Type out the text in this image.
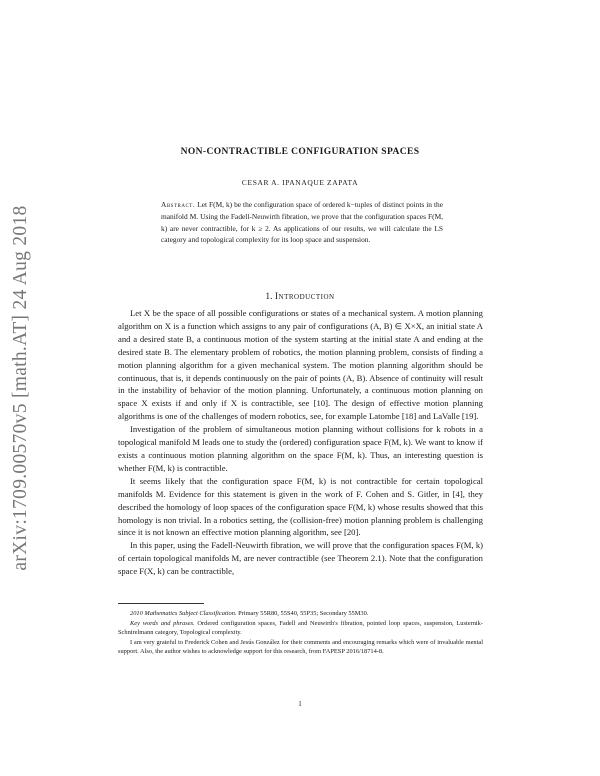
arXiv:1709.00570v5 [math.AT] 24 Aug 2018
NON-CONTRACTIBLE CONFIGURATION SPACES
CESAR A. IPANAQUE ZAPATA
Abstract. Let F(M, k) be the configuration space of ordered k−tuples of distinct points in the manifold M. Using the Fadell-Neuwirth fibration, we prove that the configuration spaces F(M, k) are never contractible, for k ≥ 2. As applications of our results, we will calculate the LS category and topological complexity for its loop space and suspension.
1. Introduction

Let X be the space of all possible configurations or states of a mechanical system. A motion planning algorithm on X is a function which assigns to any pair of configurations (A, B) ∈ X×X, an initial state A and a desired state B, a continuous motion of the system starting at the initial state A and ending at the desired state B. The elementary problem of robotics, the motion planning problem, consists of finding a motion planning algorithm for a given mechanical system. The motion planning algorithm should be continuous, that is, it depends continuously on the pair of points (A, B). Absence of continuity will result in the instability of behavior of the motion planning. Unfortunately, a continuous motion planning on space X exists if and only if X is contractible, see [10]. The design of effective motion planning algorithms is one of the challenges of modern robotics, see, for example Latombe [18] and LaValle [19].

Investigation of the problem of simultaneous motion planning without collisions for k robots in a topological manifold M leads one to study the (ordered) configuration space F(M, k). We want to know if exists a continuous motion planning algorithm on the space F(M, k). Thus, an interesting question is whether F(M, k) is contractible.

It seems likely that the configuration space F(M, k) is not contractible for certain topological manifolds M. Evidence for this statement is given in the work of F. Cohen and S. Gitler, in [4], they described the homology of loop spaces of the configuration space F(M, k) whose results showed that this homology is non trivial. In a robotics setting, the (collision-free) motion planning problem is challenging since it is not known an effective motion planning algorithm, see [20].

In this paper, using the Fadell-Neuwirth fibration, we will prove that the configuration spaces F(M, k) of certain topological manifolds M, are never contractible (see Theorem 2.1). Note that the configuration space F(X, k) can be contractible,

2010 Mathematics Subject Classification. Primary 55R80, 55S40, 55P35; Secondary 55M30.

Key words and phrases. Ordered configuration spaces, Fadell and Neuwirth's fibration, pointed loop spaces, suspension, Lusternik-Schnirelmann category, Topological complexity.

I am very grateful to Frederick Cohen and Jesús González for their comments and encouraging remarks which were of invaluable mental support. Also, the author wishes to acknowledge support for this research, from FAPESP 2016/18714-8.

1
